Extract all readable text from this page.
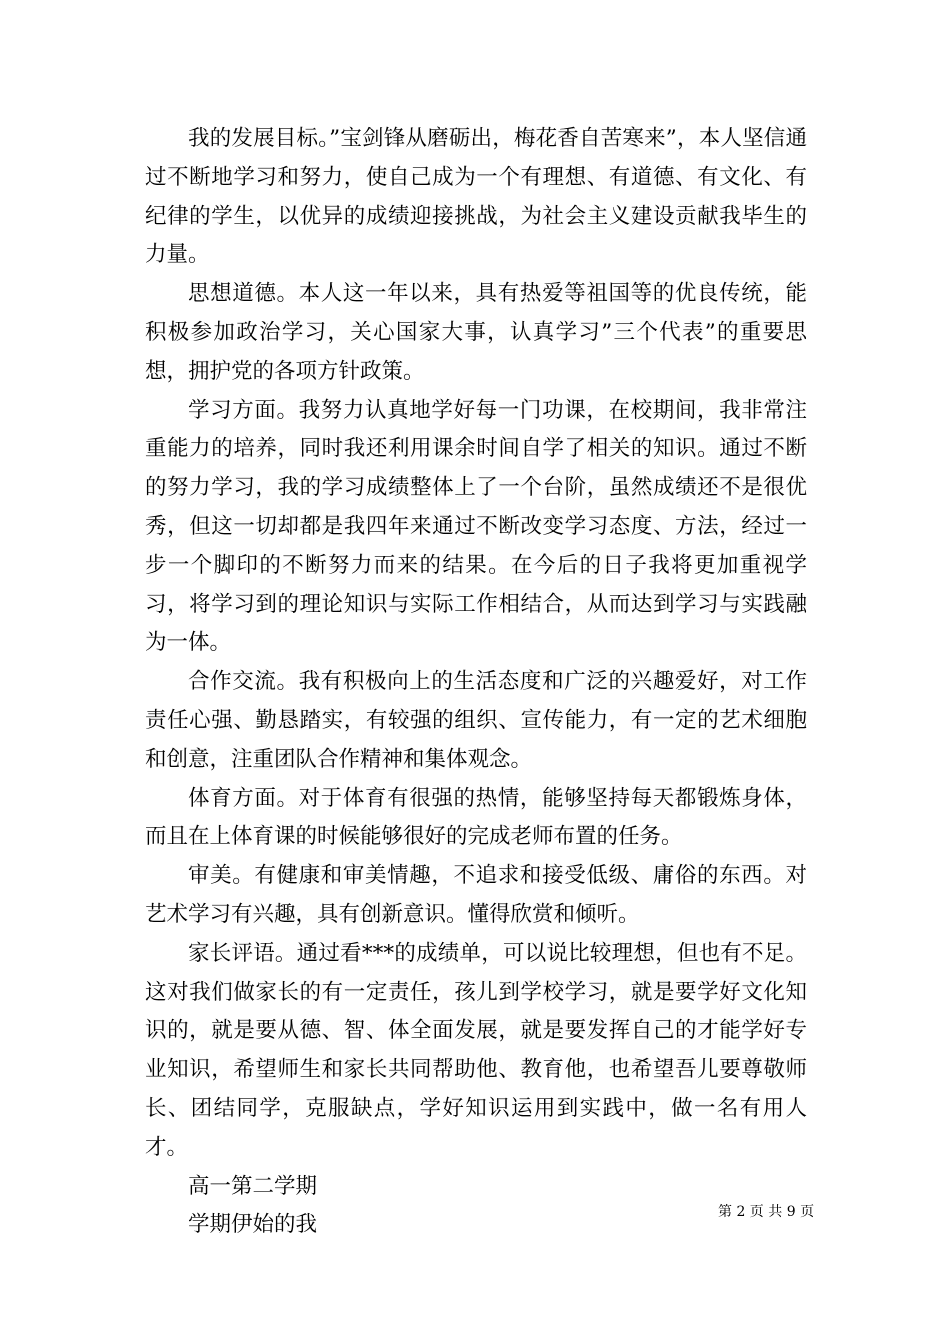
我的发展目标。”宝剑锋从磨砺出，梅花香自苦寒来”，本人坚信通过不断地学习和努力，使自己成为一个有理想、有道德、有文化、有纪律的学生，以优异的成绩迎接挑战，为社会主义建设贡献我毕生的力量。

思想道德。本人这一年以来，具有热爱等祖国等的优良传统，能积极参加政治学习，关心国家大事，认真学习”三个代表”的重要思想，拥护党的各项方针政策。

学习方面。我努力认真地学好每一门功课，在校期间，我非常注重能力的培养，同时我还利用课余时间自学了相关的知识。通过不断的努力学习，我的学习成绩整体上了一个台阶，虽然成绩还不是很优秀，但这一切却都是我四年来通过不断改变学习态度、方法，经过一步一个脚印的不断努力而来的结果。在今后的日子我将更加重视学习，将学习到的理论知识与实际工作相结合，从而达到学习与实践融为一体。

合作交流。我有积极向上的生活态度和广泛的兴趣爱好，对工作责任心强、勤恳踏实，有较强的组织、宣传能力，有一定的艺术细胞和创意，注重团队合作精神和集体观念。

体育方面。对于体育有很强的热情，能够坚持每天都锻炼身体，而且在上体育课的时候能够很好的完成老师布置的任务。

审美。有健康和审美情趣，不追求和接受低级、庸俗的东西。对艺术学习有兴趣，具有创新意识。懂得欣赏和倾听。

家长评语。通过看***的成绩单，可以说比较理想，但也有不足。这对我们做家长的有一定责任，孩儿到学校学习，就是要学好文化知识的，就是要从德、智、体全面发展，就是要发挥自己的才能学好专业知识，希望师生和家长共同帮助他、教育他，也希望吾儿要尊敬师长、团结同学，克服缺点，学好知识运用到实践中，做一名有用人才。

高一第二学期

学期伊始的我

第 2 页 共 9 页
